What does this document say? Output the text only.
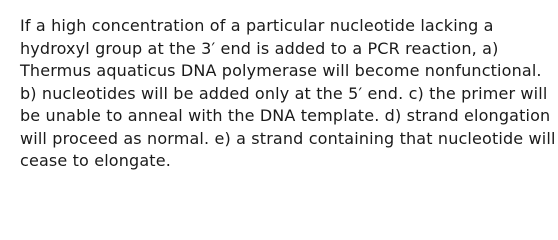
If a high concentration of a particular nucleotide lacking a
hydroxyl group at the 3′ end is added to a PCR reaction, a)
Thermus aquaticus DNA polymerase will become nonfunctional.
b) nucleotides will be added only at the 5′ end. c) the primer will
be unable to anneal with the DNA template. d) strand elongation
will proceed as normal. e) a strand containing that nucleotide will
cease to elongate.
